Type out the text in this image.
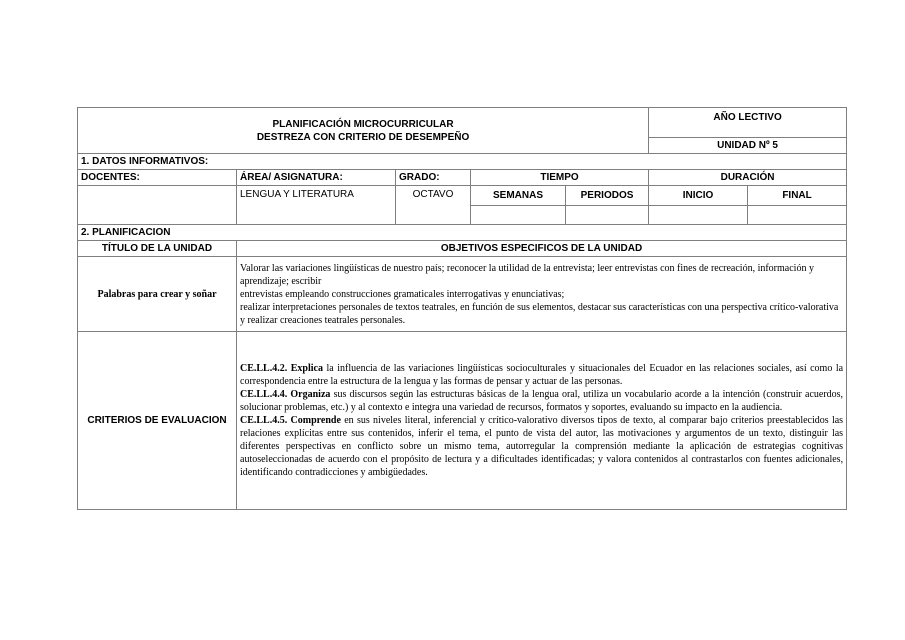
PLANIFICACIÓN MICROCURRICULAR
DESTREZA CON CRITERIO DE DESEMPEÑO					AÑO LECTIVO	
					UNIDAD Nº 5	
1. DATOS INFORMATIVOS:						
DOCENTES:	ÁREA/ ASIGNATURA:	GRADO:	TIEMPO		DURACIÓN	
	LENGUA Y LITERATURA	OCTAVO	SEMANAS	PERIODOS	INICIO	FINAL

2. PLANIFICACION						
TÍTULO DE LA UNIDAD	OBJETIVOS ESPECIFICOS DE LA UNIDAD					
Palabras para crear y soñar	Valorar las variaciones lingüísticas de nuestro país; reconocer la utilidad de la entrevista; leer entrevistas con fines de recreación, información y aprendizaje; escribir
entrevistas empleando construcciones gramaticales interrogativas y enunciativas;
realizar interpretaciones personales de textos teatrales, en función de sus elementos, destacar sus características con una perspectiva crítico-valorativa y realizar creaciones teatrales personales.					

CRITERIOS DE EVALUACION	CE.LL.4.2. Explica la influencia de las variaciones lingüísticas socioculturales y situacionales del Ecuador en las relaciones sociales, así como la correspondencia entre la estructura de la lengua y las formas de pensar y actuar de las personas.

CE.LL.4.4. Organiza sus discursos según las estructuras básicas de la lengua oral, utiliza un vocabulario acorde a la intención (construir acuerdos, solucionar problemas, etc.) y al contexto e integra una variedad de recursos, formatos y soportes, evaluando su impacto en la audiencia.

CE.LL.4.5. Comprende en sus niveles literal, inferencial y crítico-valorativo diversos tipos de texto, al comparar bajo criterios preestablecidos las relaciones explícitas entre sus contenidos, inferir el tema, el punto de vista del autor, las motivaciones y argumentos de un texto, distinguir las diferentes perspectivas en conflicto sobre un mismo tema, autorregular la comprensión mediante la aplicación de estrategias cognitivas autoseleccionadas de acuerdo con el propósito de lectura y a dificultades identificadas; y valora contenidos al contrastarlos con fuentes adicionales, identificando contradicciones y ambigüedades.					
